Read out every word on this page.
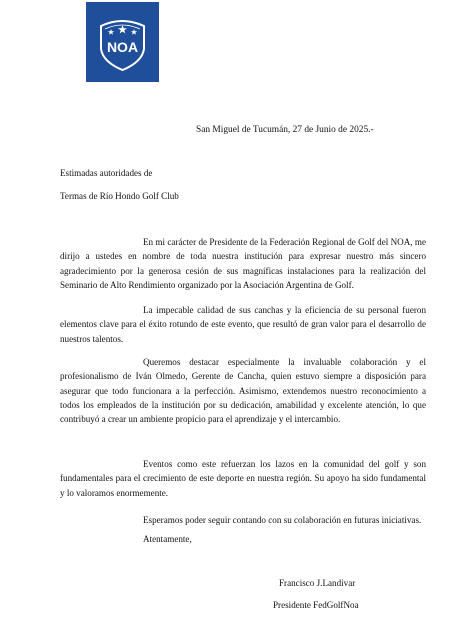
NOA
San Miguel de Tucumán, 27 de Junio de 2025.-
Estimadas autoridades de
Termas de Río Hondo Golf Club

En mi carácter de Presidente de la Federación Regional de Golf del NOA, me dirijo a ustedes en nombre de toda nuestra institución para expresar nuestro más sincero agradecimiento por la generosa cesión de sus magníficas instalaciones para la realización del Seminario de Alto Rendimiento organizado por la Asociación Argentina de Golf.

La impecable calidad de sus canchas y la eficiencia de su personal fueron elementos clave para el éxito rotundo de este evento, que resultó de gran valor para el desarrollo de nuestros talentos.

Queremos destacar especialmente la invaluable colaboración y el profesionalismo de Iván Olmedo, Gerente de Cancha, quien estuvo siempre a disposición para asegurar que todo funcionara a la perfección. Asimismo, extendemos nuestro reconocimiento a todos los empleados de la institución por su dedicación, amabilidad y excelente atención, lo que contribuyó a crear un ambiente propicio para el aprendizaje y el intercambio.

Eventos como este refuerzan los lazos en la comunidad del golf y son fundamentales para el crecimiento de este deporte en nuestra región. Su apoyo ha sido fundamental y lo valoramos enormemente.

Esperamos poder seguir contando con su colaboración en futuras iniciativas.

Atentamente,
Francisco J.Landivar
Presidente FedGolfNoa
